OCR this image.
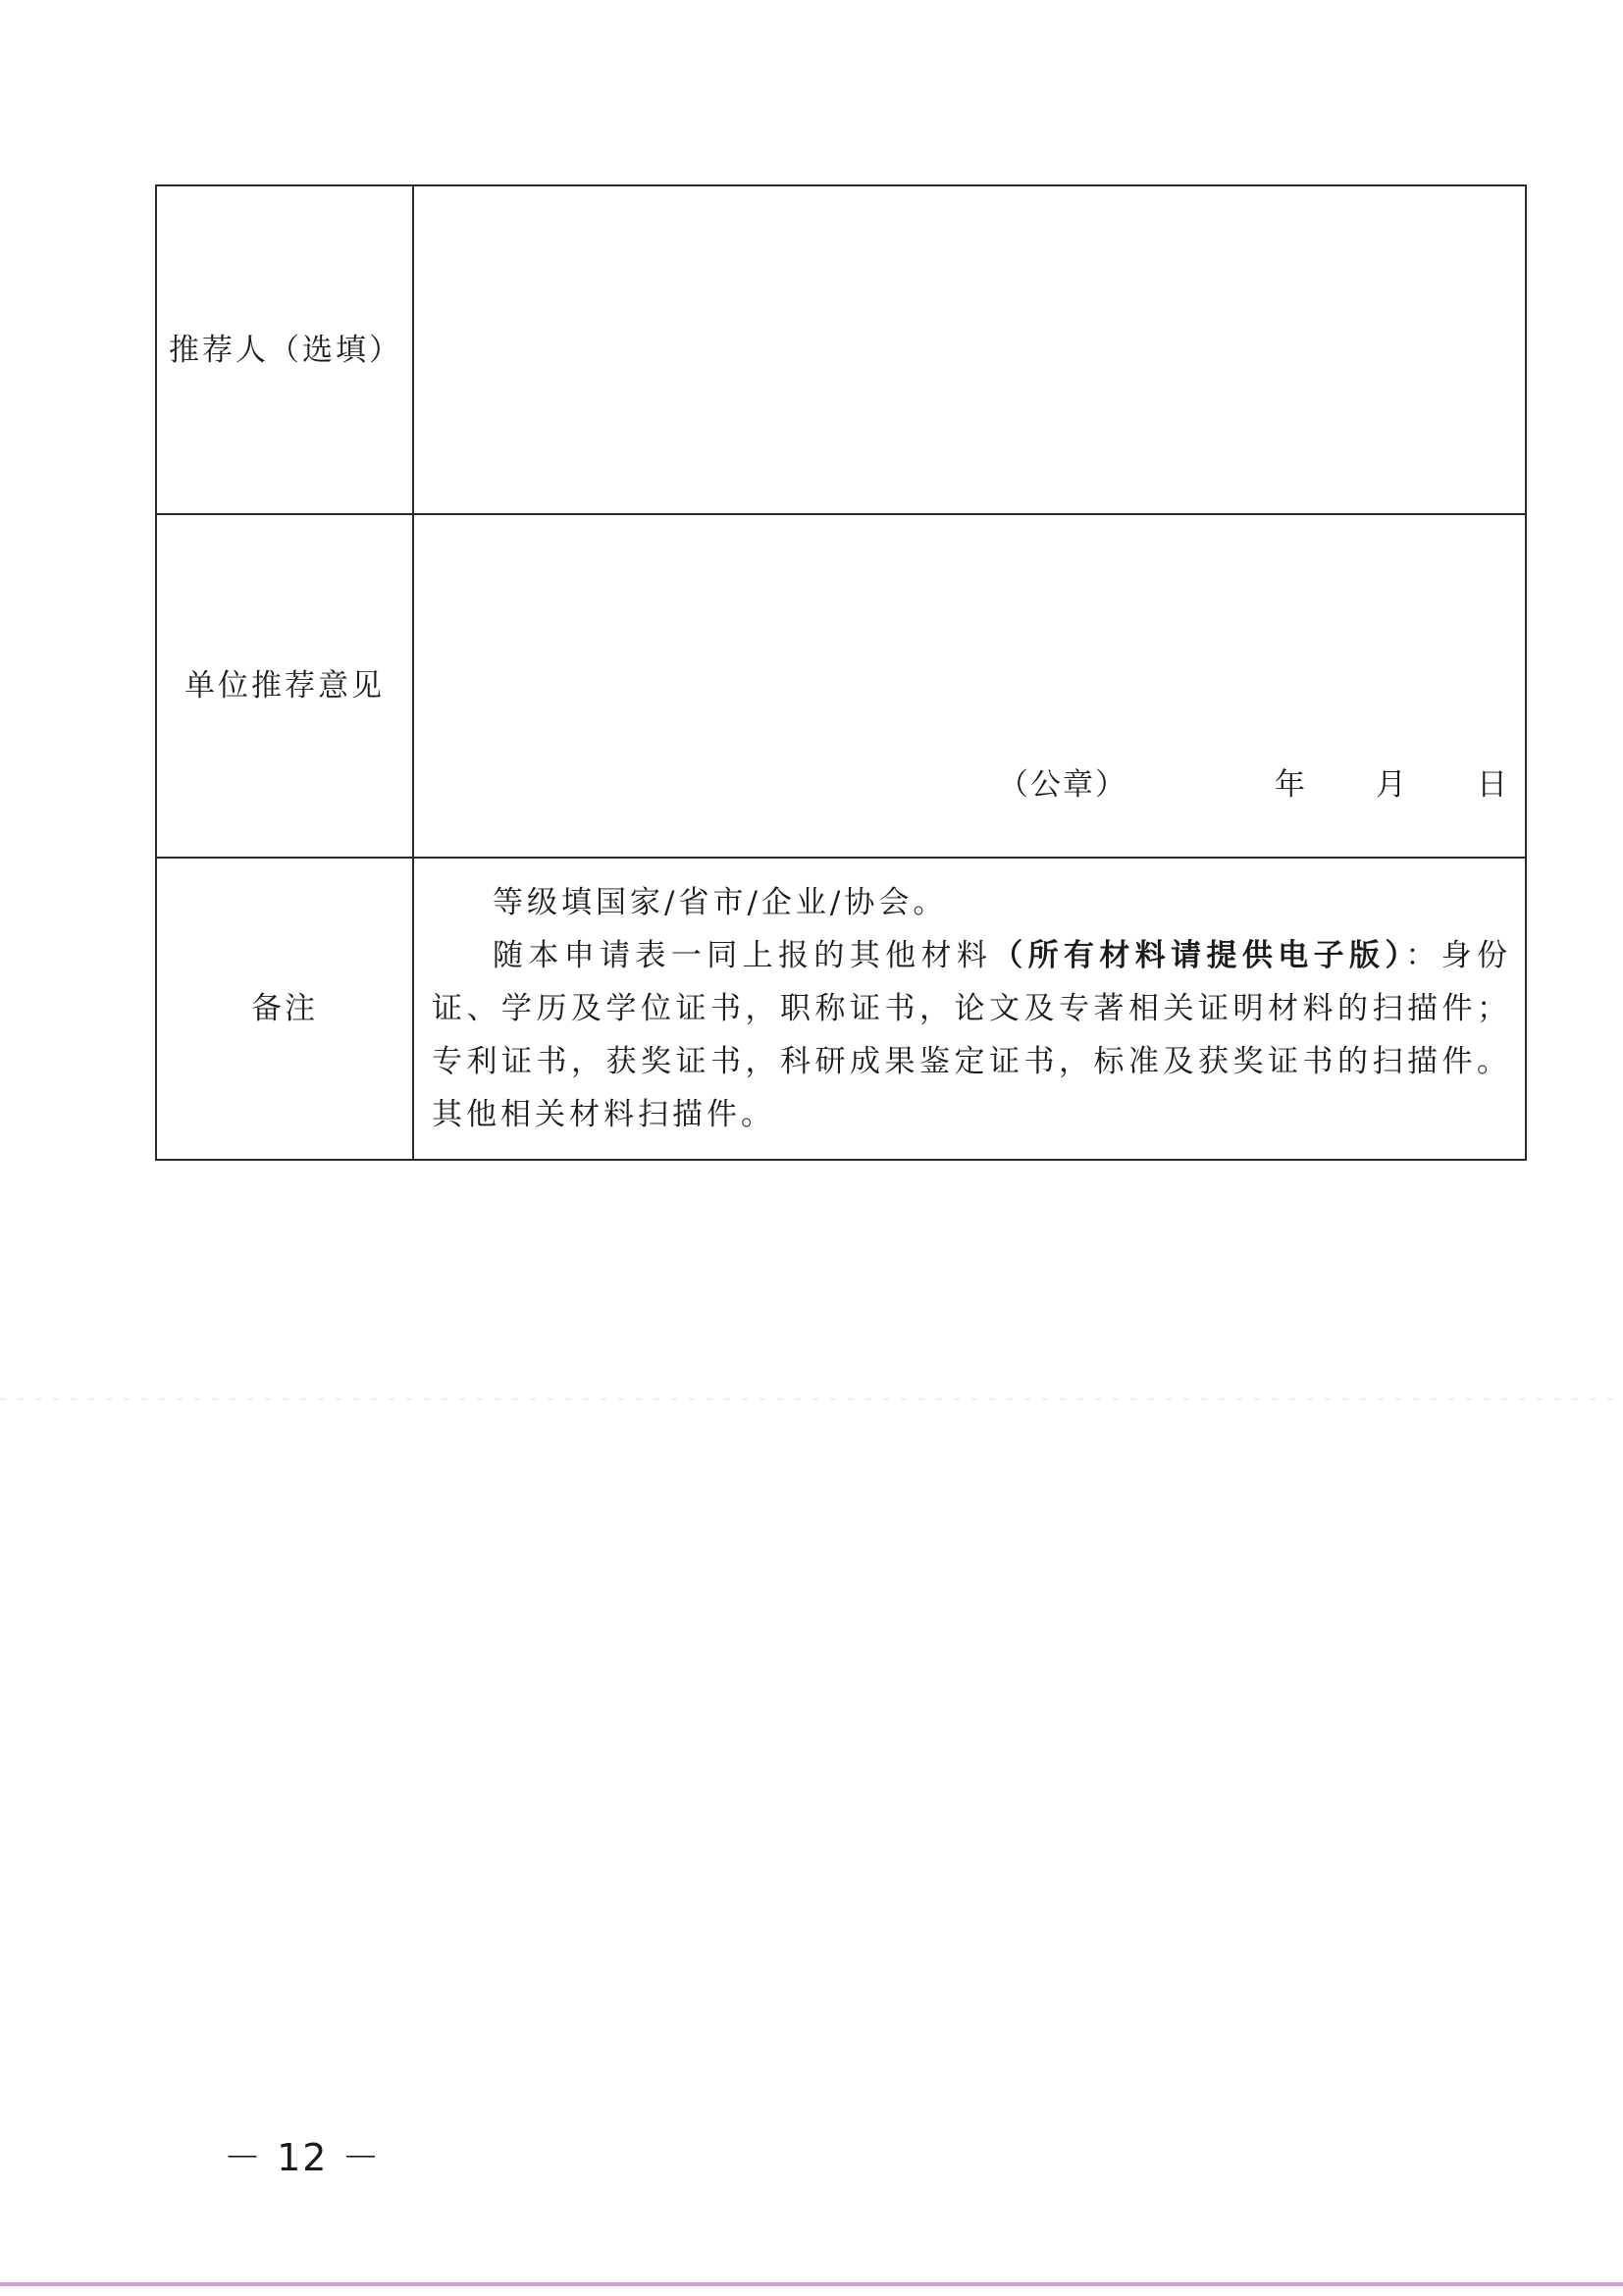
推荐人（选填）	
单位推荐意见	（公章） 年 月 日

备注	等级填国家/省市/企业/协会。

随本申请表一同上报的其他材料（所有材料请提供电子版）：身份证、学历及学位证书，职称证书，论文及专著相关证明材料的扫描件；专利证书，获奖证书，科研成果鉴定证书，标准及获奖证书的扫描件。其他相关材料扫描件。

－ 12 －
